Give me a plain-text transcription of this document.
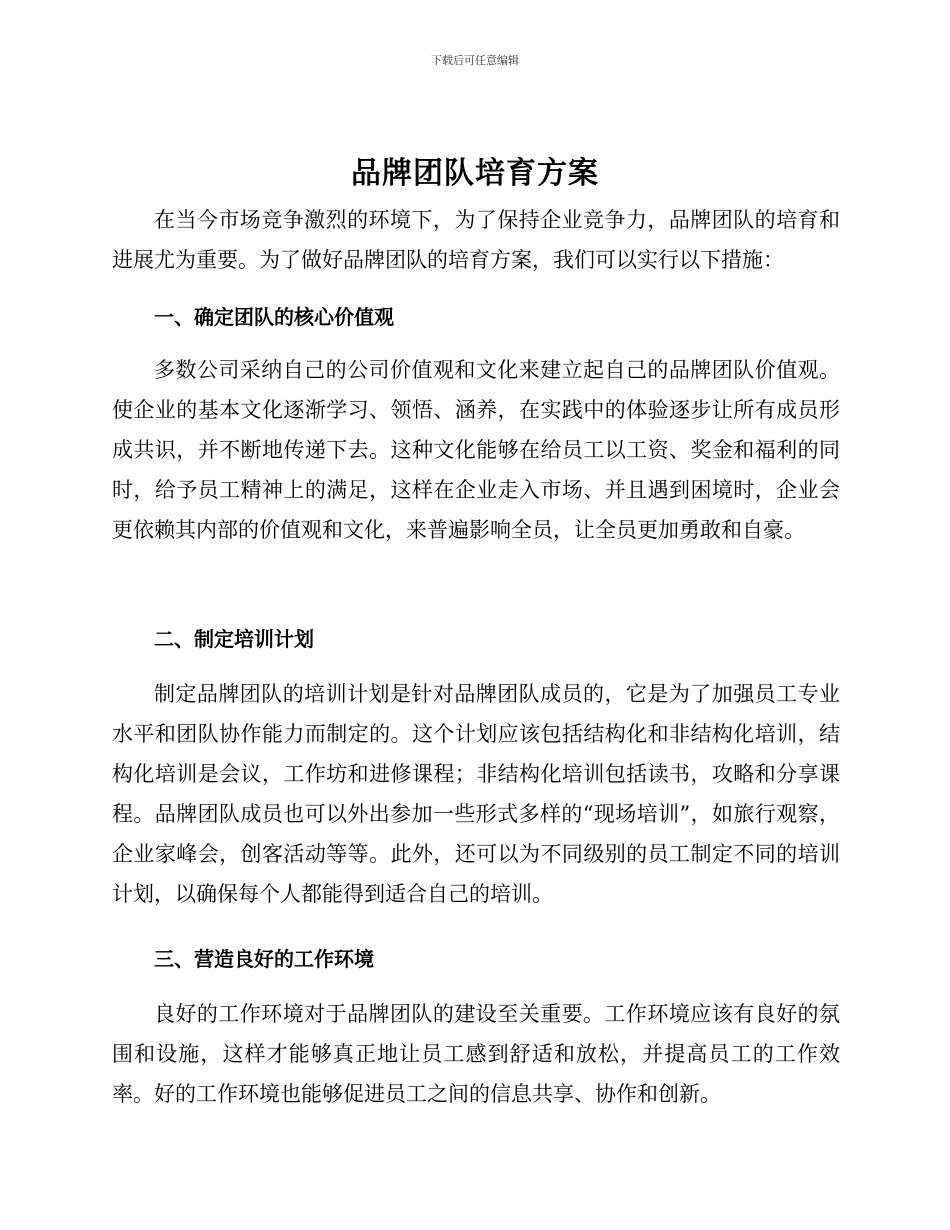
下载后可任意编辑
品牌团队培育方案

在当今市场竞争激烈的环境下，为了保持企业竞争力，品牌团队的培育和进展尤为重要。为了做好品牌团队的培育方案，我们可以实行以下措施：

一、确定团队的核心价值观

多数公司采纳自己的公司价值观和文化来建立起自己的品牌团队价值观。使企业的基本文化逐渐学习、领悟、涵养，在实践中的体验逐步让所有成员形成共识，并不断地传递下去。这种文化能够在给员工以工资、奖金和福利的同时，给予员工精神上的满足，这样在企业走入市场、并且遇到困境时，企业会更依赖其内部的价值观和文化，来普遍影响全员，让全员更加勇敢和自豪。

二、制定培训计划

制定品牌团队的培训计划是针对品牌团队成员的，它是为了加强员工专业水平和团队协作能力而制定的。这个计划应该包括结构化和非结构化培训，结构化培训是会议，工作坊和进修课程；非结构化培训包括读书，攻略和分享课程。品牌团队成员也可以外出参加一些形式多样的“现场培训”，如旅行观察，企业家峰会，创客活动等等。此外，还可以为不同级别的员工制定不同的培训计划，以确保每个人都能得到适合自己的培训。

三、营造良好的工作环境

良好的工作环境对于品牌团队的建设至关重要。工作环境应该有良好的氛围和设施，这样才能够真正地让员工感到舒适和放松，并提高员工的工作效率。好的工作环境也能够促进员工之间的信息共享、协作和创新。
